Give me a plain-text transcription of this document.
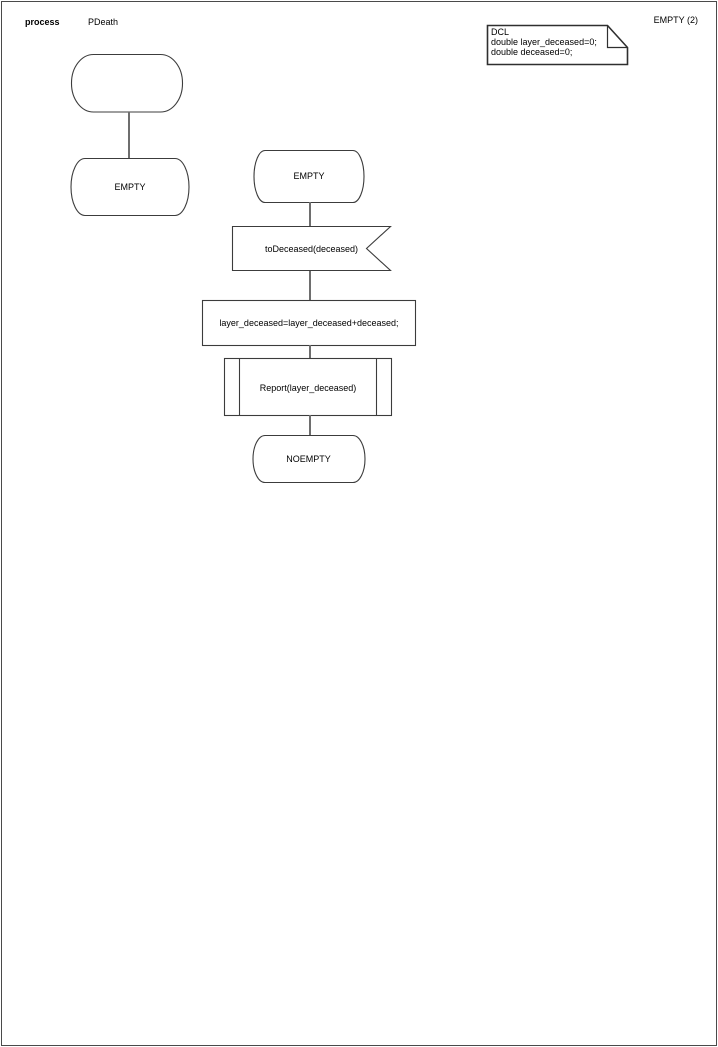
process	PDeath	EMPTY (2)
DCL
double layer_deceased=0;
double deceased=0;
EMPTY
EMPTY
toDeceased(deceased)
layer_deceased=layer_deceased+deceased;
Report(layer_deceased)
NOEMPTY
